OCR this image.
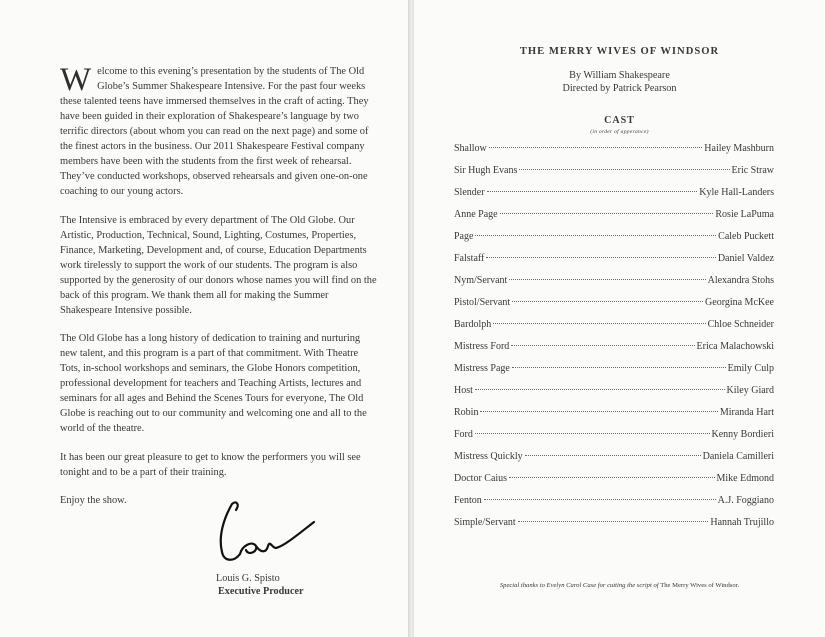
Welcome to this evening’s presentation by the students of The Old Globe’s Summer Shakespeare Intensive. For the past four weeks these talented teens have immersed themselves in the craft of acting. They have been guided in their exploration of Shakespeare’s language by two terrific directors (about whom you can read on the next page) and some of the finest actors in the business. Our 2011 Shakespeare Festival company members have been with the students from the first week of rehearsal. They’ve conducted workshops, observed rehearsals and given one-on-one coaching to our young actors.

The Intensive is embraced by every department of The Old Globe. Our Artistic, Production, Technical, Sound, Lighting, Costumes, Properties, Finance, Marketing, Development and, of course, Education Departments work tirelessly to support the work of our students. The program is also supported by the generosity of our donors whose names you will find on the back of this program. We thank them all for making the Summer Shakespeare Intensive possible.

The Old Globe has a long history of dedication to training and nurturing new talent, and this program is a part of that commitment. With Theatre Tots, in-school workshops and seminars, the Globe Honors competition, professional development for teachers and Teaching Artists, lectures and seminars for all ages and Behind the Scenes Tours for everyone, The Old Globe is reaching out to our community and welcoming one and all to the world of the theatre.

It has been our great pleasure to get to know the performers you will see tonight and to be a part of their training.

Enjoy the show.

Louis G. Spisto
Executive Producer
THE MERRY WIVES OF WINDSOR
By William Shakespeare
Directed by Patrick Pearson
CAST
(in order of apperance)
Shallow	Hailey Mashburn
Sir Hugh Evans	Eric Straw
Slender	Kyle Hall-Landers
Anne Page	Rosie LaPuma
Page	Caleb Puckett
Falstaff	Daniel Valdez
Nym/Servant	Alexandra Stohs
Pistol/Servant	Georgina McKee
Bardolph	Chloe Schneider
Mistress Ford	Erica Malachowski
Mistress Page	Emily Culp
Host	Kiley Giard
Robin	Miranda Hart
Ford	Kenny Bordieri
Mistress Quickly	Daniela Camilleri
Doctor Caius	Mike Edmond
Fenton	A.J. Foggiano
Simple/Servant	Hannah Trujillo
Special thanks to Evelyn Carol Case for cutting the script of The Merry Wives of Windsor.
